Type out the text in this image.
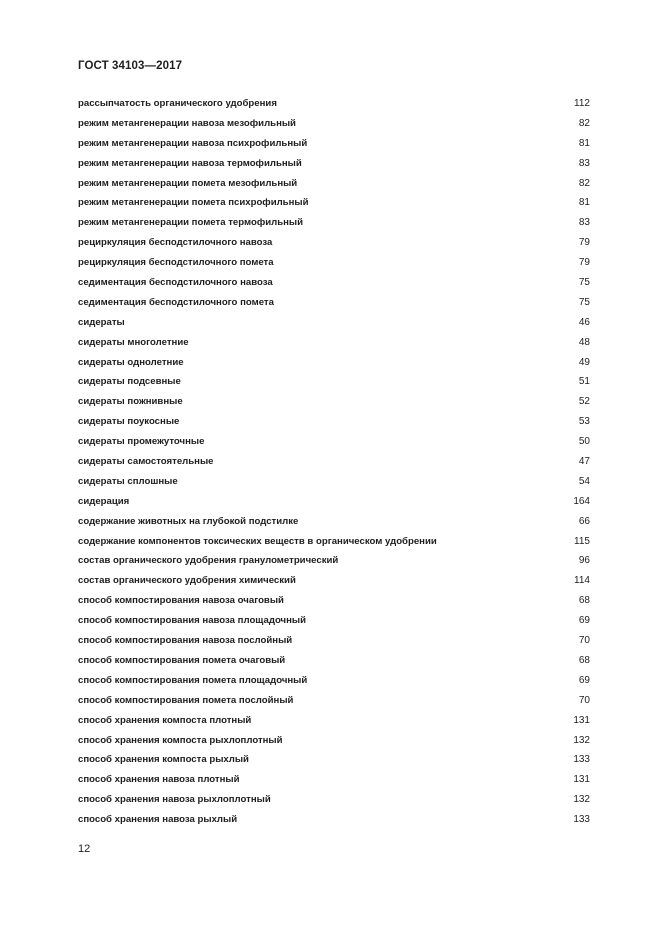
ГОСТ 34103—2017
рассыпчатость органического удобрения	112
режим метангенерации навоза мезофильный	82
режим метангенерации навоза психрофильный	81
режим метангенерации навоза термофильный	83
режим метангенерации помета мезофильный	82
режим метангенерации помета психрофильный	81
режим метангенерации помета термофильный	83
рециркуляция бесподстилочного навоза	79
рециркуляция бесподстилочного помета	79
седиментация бесподстилочного навоза	75
седиментация бесподстилочного помета	75
сидераты	46
сидераты многолетние	48
сидераты однолетние	49
сидераты подсевные	51
сидераты пожнивные	52
сидераты поукосные	53
сидераты промежуточные	50
сидераты самостоятельные	47
сидераты сплошные	54
сидерация	164
содержание животных на глубокой подстилке	66
содержание компонентов токсических веществ в органическом удобрении	115
состав органического удобрения гранулометрический	96
состав органического удобрения химический	114
способ компостирования навоза очаговый	68
способ компостирования навоза площадочный	69
способ компостирования навоза послойный	70
способ компостирования помета очаговый	68
способ компостирования помета площадочный	69
способ компостирования помета послойный	70
способ хранения компоста плотный	131
способ хранения компоста рыхлоплотный	132
способ хранения компоста рыхлый	133
способ хранения навоза плотный	131
способ хранения навоза рыхлоплотный	132
способ хранения навоза рыхлый	133
12
